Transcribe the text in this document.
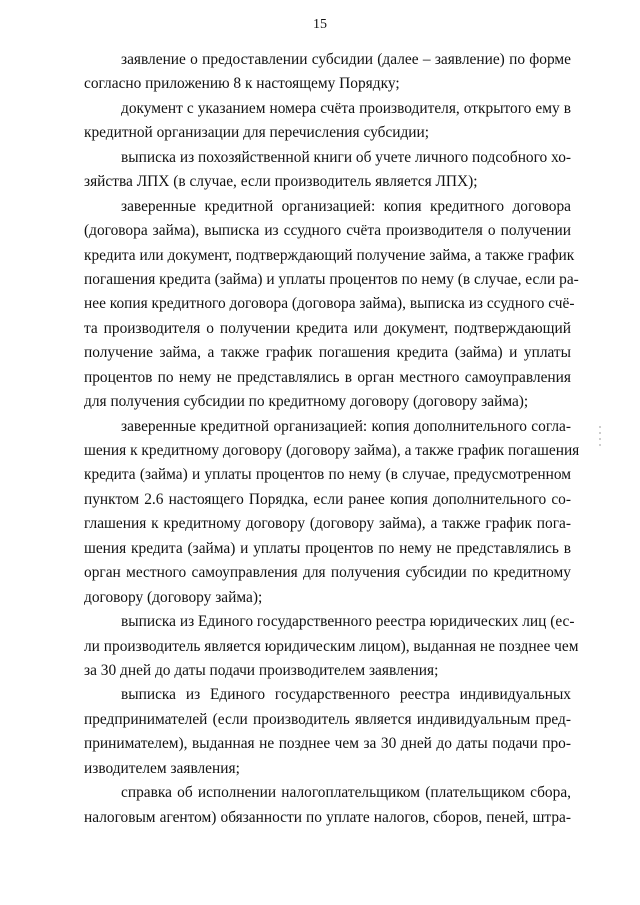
15
заявление о предоставлении субсидии (далее – заявление) по форме
согласно приложению 8 к настоящему Порядку;
документ с указанием номера счёта производителя, открытого ему в
кредитной организации для перечисления субсидии;
выписка из похозяйственной книги об учете личного подсобного хо-
зяйства ЛПХ (в случае, если производитель является ЛПХ);
заверенные кредитной организацией: копия кредитного договора
(договора займа), выписка из ссудного счёта производителя о получении
кредита или документ, подтверждающий получение займа, а также график
погашения кредита (займа) и уплаты процентов по нему (в случае, если ра-
нее копия кредитного договора (договора займа), выписка из ссудного счё-
та производителя о получении кредита или документ, подтверждающий
получение займа, а также график погашения кредита (займа) и уплаты
процентов по нему не представлялись в орган местного самоуправления
для получения субсидии по кредитному договору (договору займа);
заверенные кредитной организацией: копия дополнительного согла-
шения к кредитному договору (договору займа), а также график погашения
кредита (займа) и уплаты процентов по нему (в случае, предусмотренном
пунктом 2.6 настоящего Порядка, если ранее копия дополнительного со-
глашения к кредитному договору (договору займа), а также график пога-
шения кредита (займа) и уплаты процентов по нему не представлялись в
орган местного самоуправления для получения субсидии по кредитному
договору (договору займа);
выписка из Единого государственного реестра юридических лиц (ес-
ли производитель является юридическим лицом), выданная не позднее чем
за 30 дней до даты подачи производителем заявления;
выписка из Единого государственного реестра индивидуальных
предпринимателей (если производитель является индивидуальным пред-
принимателем), выданная не позднее чем за 30 дней до даты подачи про-
изводителем заявления;
справка об исполнении налогоплательщиком (плательщиком сбора,
налоговым агентом) обязанности по уплате налогов, сборов, пеней, штра-
